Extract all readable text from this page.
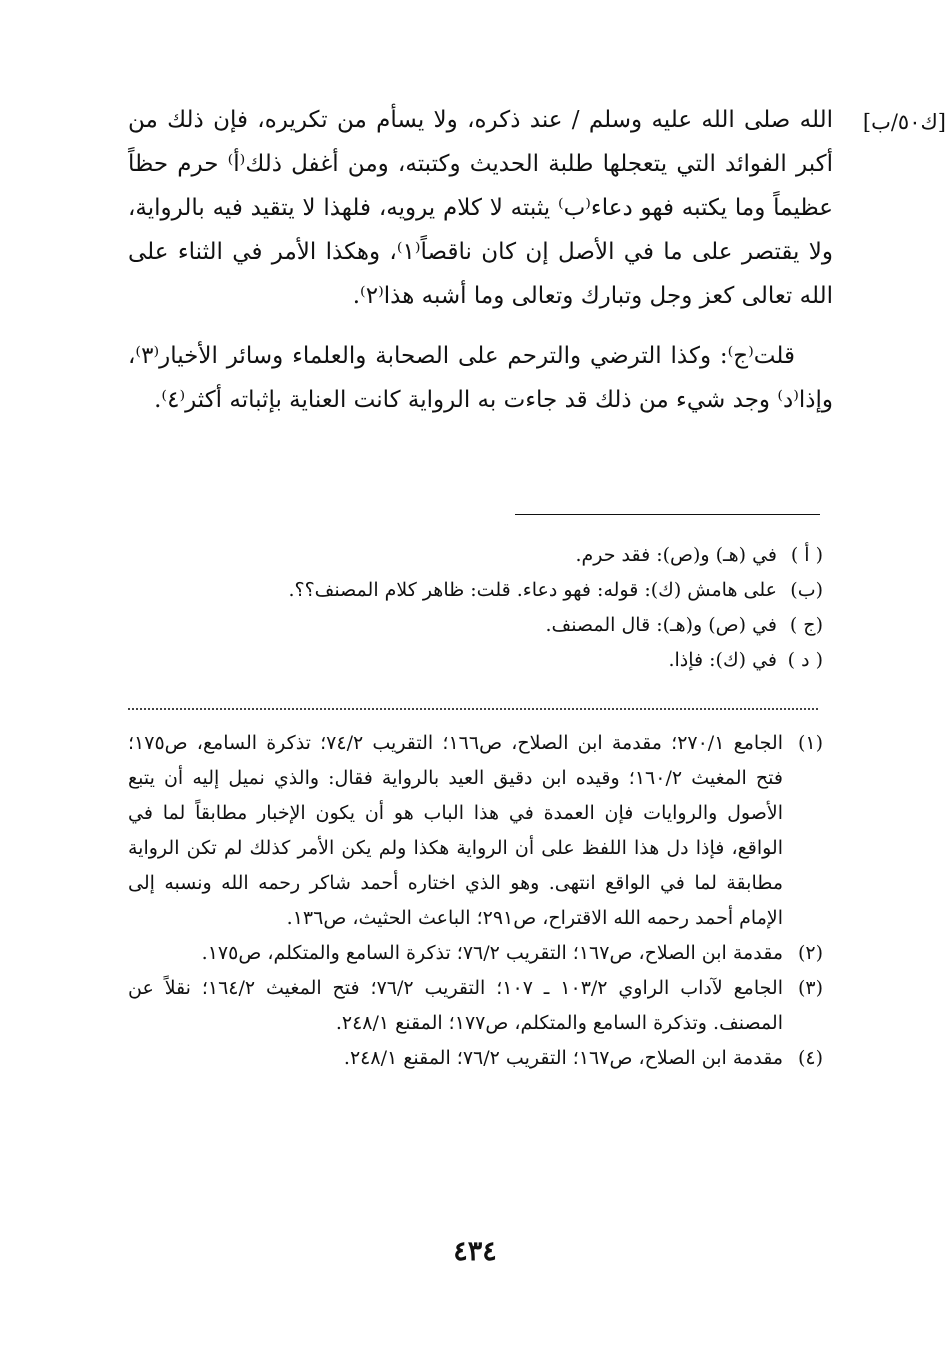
[ك٥٠/ب]

الله صلى الله عليه وسلم / عند ذكره، ولا يسأم من تكريره، فإن ذلك من أكبر الفوائد التي يتعجلها طلبة الحديث وكتبته، ومن أغفل ذلك⁽أ⁾ حرم حظاً عظيماً وما يكتبه فهو دعاء⁽ب⁾ يثبته لا كلام يرويه، فلهذا لا يتقيد فيه بالرواية، ولا يقتصر على ما في الأصل إن كان ناقصاً⁽١⁾، وهكذا الأمر في الثناء على الله تعالى كعز وجل وتبارك وتعالى وما أشبه هذا⁽٢⁾.

قلت⁽ج⁾: وكذا الترضي والترحم على الصحابة والعلماء وسائر الأخيار⁽٣⁾، وإذا⁽د⁾ وجد شيء من ذلك قد جاءت به الرواية كانت العناية بإثباته أكثر⁽٤⁾.

( أ )
في (هـ) و(ص): فقد حرم.
(ب)
على هامش (ك): قوله: فهو دعاء. قلت: ظاهر كلام المصنف؟؟.
(ج )
في (ص) و(هـ): قال المصنف.
( د )
في (ك): فإذا.
(١)
الجامع ٢٧٠/١؛ مقدمة ابن الصلاح، ص١٦٦؛ التقريب ٧٤/٢؛ تذكرة السامع، ص١٧٥؛ فتح المغيث ١٦٠/٢؛ وقيده ابن دقيق العيد بالرواية فقال: والذي نميل إليه أن يتبع الأصول والروايات فإن العمدة في هذا الباب هو أن يكون الإخبار مطابقاً لما في الواقع، فإذا دل هذا اللفظ على أن الرواية هكذا ولم يكن الأمر كذلك لم تكن الرواية مطابقة لما في الواقع انتهى. وهو الذي اختاره أحمد شاكر رحمه الله ونسبه إلى الإمام أحمد رحمه الله الاقتراح، ص٢٩١؛ الباعث الحثيث، ص١٣٦.
(٢)
مقدمة ابن الصلاح، ص١٦٧؛ التقريب ٧٦/٢؛ تذكرة السامع والمتكلم، ص١٧٥.
(٣)
الجامع لآداب الراوي ١٠٣/٢ ـ ١٠٧؛ التقريب ٧٦/٢؛ فتح المغيث ١٦٤/٢؛ نقلاً عن المصنف. وتذكرة السامع والمتكلم، ص١٧٧؛ المقنع ٢٤٨/١.
(٤)
مقدمة ابن الصلاح، ص١٦٧؛ التقريب ٧٦/٢؛ المقنع ٢٤٨/١.
٤٣٤
